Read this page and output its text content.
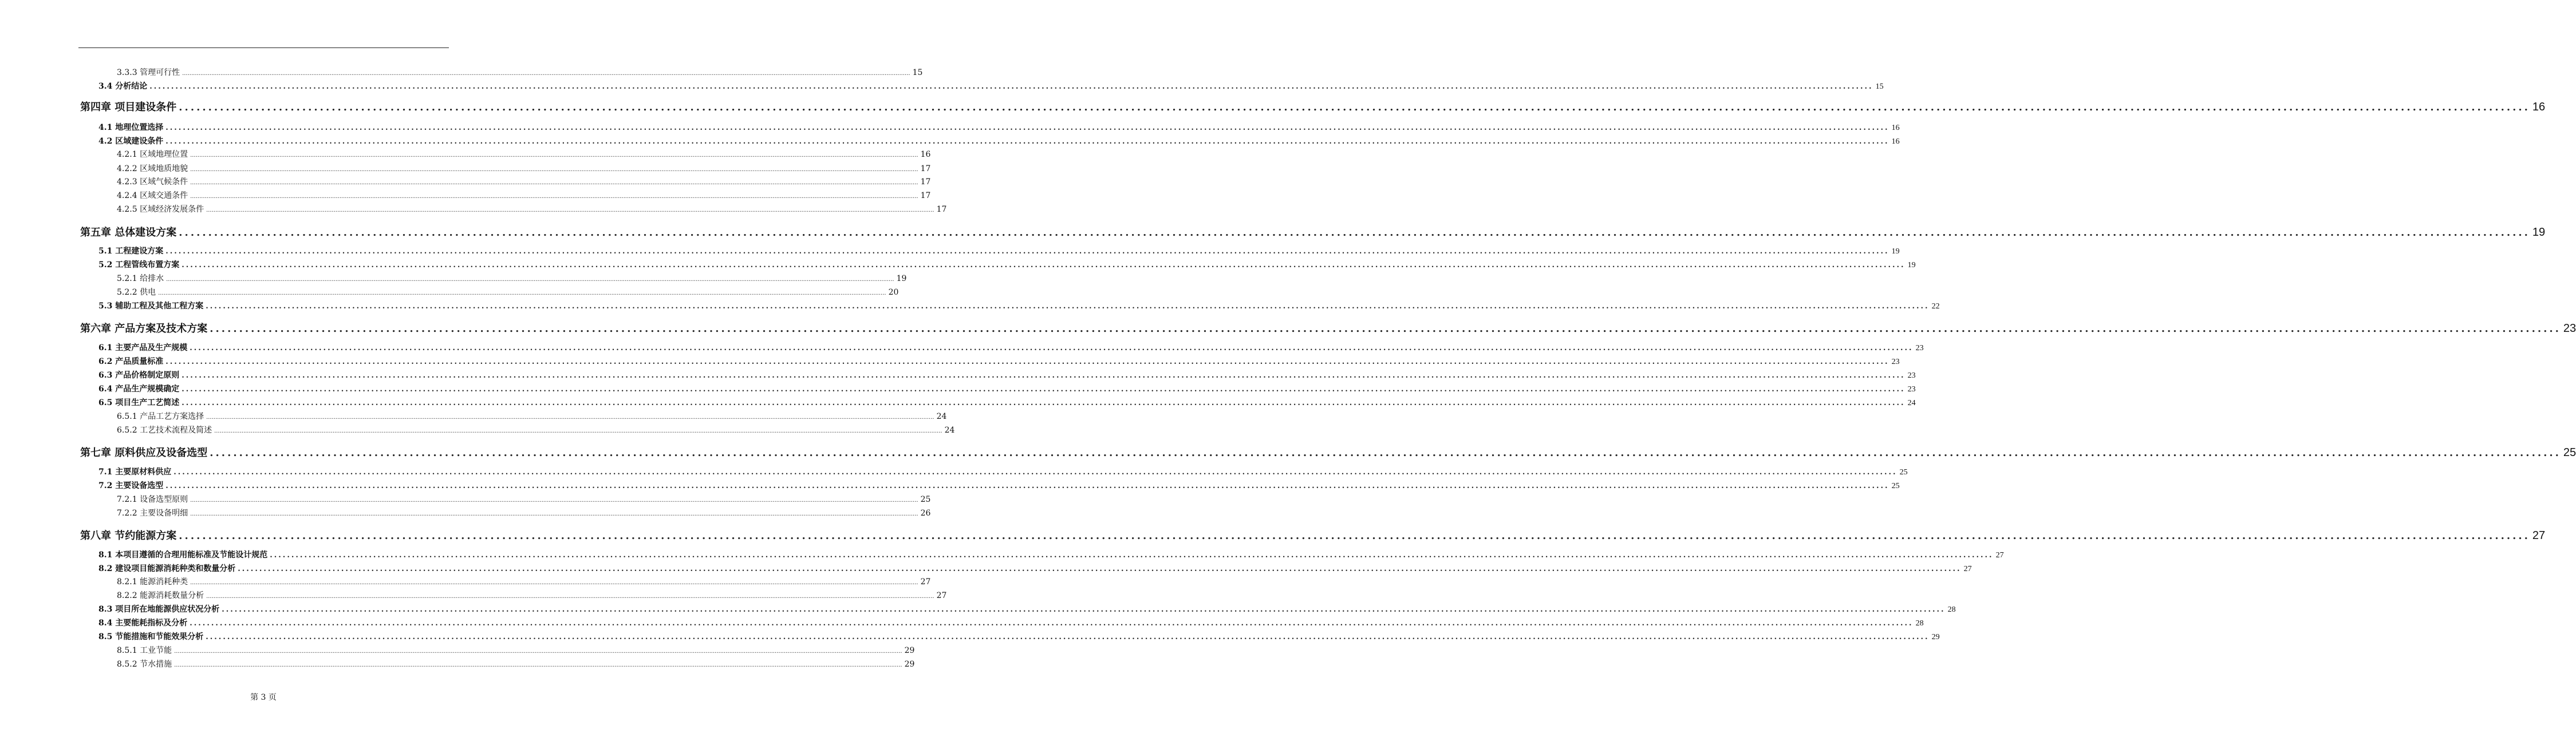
3.3.3 管理可行性 ................................................................................................................................................................................................................................................................................................................................................................................................................ 15
3.4 分析结论 ................................................................................................................................................................................................................................................................................................................................................................................................................ 15
第四章 项目建设条件 ................................................................................................................................................................................................................................................................................................................................................................................................................ 16
4.1 地理位置选择 ................................................................................................................................................................................................................................................................................................................................................................................................................ 16
4.2 区域建设条件 ................................................................................................................................................................................................................................................................................................................................................................................................................ 16
4.2.1 区域地理位置 ................................................................................................................................................................................................................................................................................................................................................................................................................ 16
4.2.2 区域地质地貌 ................................................................................................................................................................................................................................................................................................................................................................................................................ 17
4.2.3 区域气候条件 ................................................................................................................................................................................................................................................................................................................................................................................................................ 17
4.2.4 区域交通条件 ................................................................................................................................................................................................................................................................................................................................................................................................................ 17
4.2.5 区域经济发展条件 ................................................................................................................................................................................................................................................................................................................................................................................................................ 17
第五章 总体建设方案 ................................................................................................................................................................................................................................................................................................................................................................................................................ 19
5.1 工程建设方案 ................................................................................................................................................................................................................................................................................................................................................................................................................ 19
5.2 工程管线布置方案 ................................................................................................................................................................................................................................................................................................................................................................................................................ 19
5.2.1 给排水 ................................................................................................................................................................................................................................................................................................................................................................................................................ 19
5.2.2 供电 ................................................................................................................................................................................................................................................................................................................................................................................................................ 20
5.3 辅助工程及其他工程方案 ................................................................................................................................................................................................................................................................................................................................................................................................................ 22
第六章 产品方案及技术方案 ................................................................................................................................................................................................................................................................................................................................................................................................................ 23
6.1 主要产品及生产规模 ................................................................................................................................................................................................................................................................................................................................................................................................................ 23
6.2 产品质量标准 ................................................................................................................................................................................................................................................................................................................................................................................................................ 23
6.3 产品价格制定原则 ................................................................................................................................................................................................................................................................................................................................................................................................................ 23
6.4 产品生产规模确定 ................................................................................................................................................................................................................................................................................................................................................................................................................ 23
6.5 项目生产工艺简述 ................................................................................................................................................................................................................................................................................................................................................................................................................ 24
6.5.1 产品工艺方案选择 ................................................................................................................................................................................................................................................................................................................................................................................................................ 24
6.5.2 工艺技术流程及简述 ................................................................................................................................................................................................................................................................................................................................................................................................................ 24
第七章 原料供应及设备选型 ................................................................................................................................................................................................................................................................................................................................................................................................................ 25
7.1 主要原材料供应 ................................................................................................................................................................................................................................................................................................................................................................................................................ 25
7.2 主要设备选型 ................................................................................................................................................................................................................................................................................................................................................................................................................ 25
7.2.1 设备选型原则 ................................................................................................................................................................................................................................................................................................................................................................................................................ 25
7.2.2 主要设备明细 ................................................................................................................................................................................................................................................................................................................................................................................................................ 26
第八章 节约能源方案 ................................................................................................................................................................................................................................................................................................................................................................................................................ 27
8.1 本项目遵循的合理用能标准及节能设计规范 ................................................................................................................................................................................................................................................................................................................................................................................................................ 27
8.2 建设项目能源消耗种类和数量分析 ................................................................................................................................................................................................................................................................................................................................................................................................................ 27
8.2.1 能源消耗种类 ................................................................................................................................................................................................................................................................................................................................................................................................................ 27
8.2.2 能源消耗数量分析 ................................................................................................................................................................................................................................................................................................................................................................................................................ 27
8.3 项目所在地能源供应状况分析 ................................................................................................................................................................................................................................................................................................................................................................................................................ 28
8.4 主要能耗指标及分析 ................................................................................................................................................................................................................................................................................................................................................................................................................ 28
8.5 节能措施和节能效果分析 ................................................................................................................................................................................................................................................................................................................................................................................................................ 29
8.5.1 工业节能 ................................................................................................................................................................................................................................................................................................................................................................................................................ 29
8.5.2 节水措施 ................................................................................................................................................................................................................................................................................................................................................................................................................ 29
第 3 页
